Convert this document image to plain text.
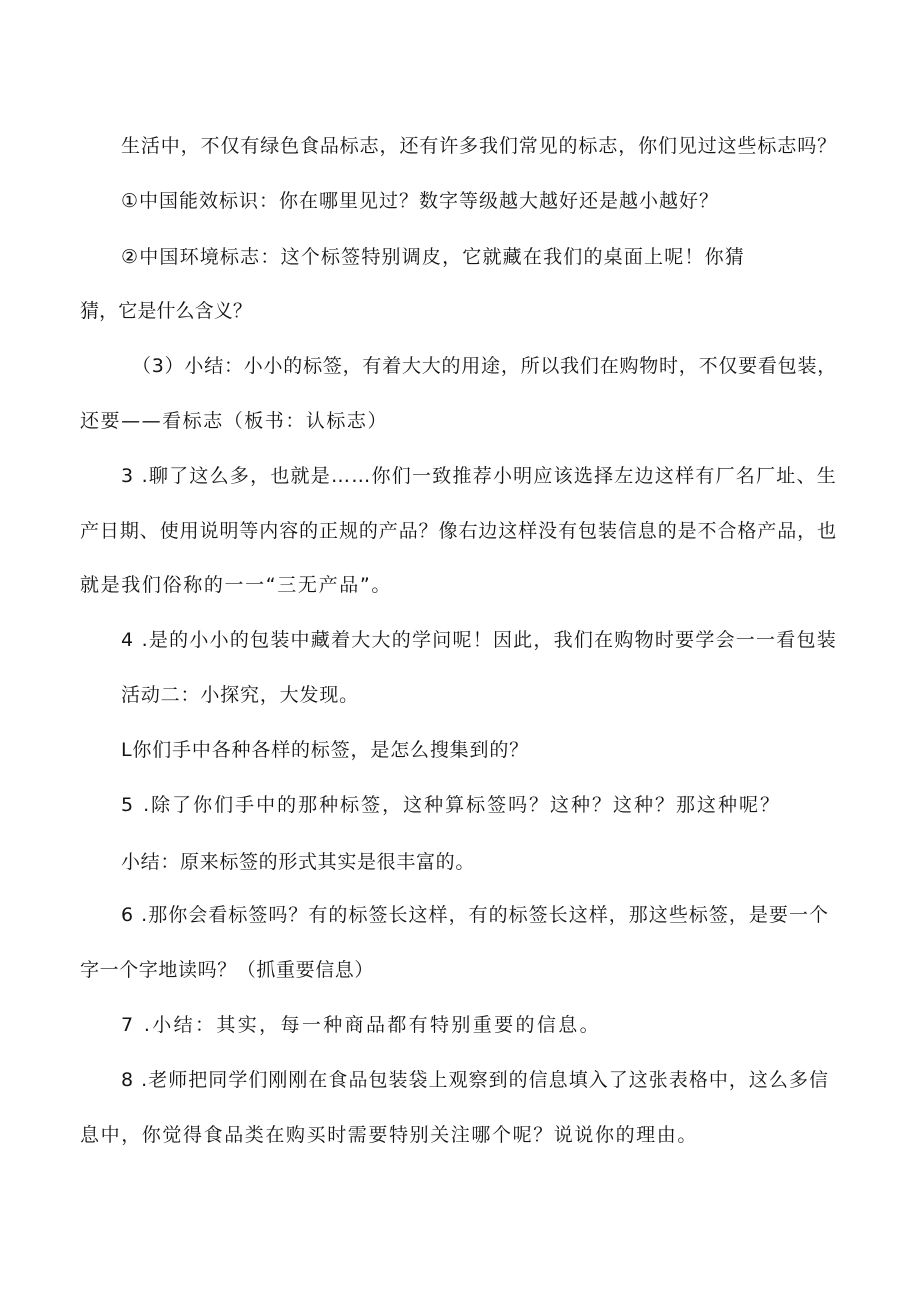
生活中，不仅有绿色食品标志，还有许多我们常见的标志，你们见过这些标志吗？

①中国能效标识：你在哪里见过？数字等级越大越好还是越小越好？

②中国环境标志：这个标签特别调皮，它就藏在我们的桌面上呢！你猜

猜，它是什么含义？

（3）小结：小小的标签，有着大大的用途，所以我们在购物时，不仅要看包装，

还要——看标志（板书：认标志）

3 .聊了这么多，也就是……你们一致推荐小明应该选择左边这样有厂名厂址、生

产日期、使用说明等内容的正规的产品？像右边这样没有包装信息的是不合格产品，也

就是我们俗称的一一“三无产品”。

4 .是的小小的包装中藏着大大的学问呢！因此，我们在购物时要学会一一看包装

活动二：小探究，大发现。

L你们手中各种各样的标签，是怎么搜集到的？

5 .除了你们手中的那种标签，这种算标签吗？这种？这种？那这种呢？

小结：原来标签的形式其实是很丰富的。

6 .那你会看标签吗？有的标签长这样，有的标签长这样，那这些标签，是要一个

字一个字地读吗？（抓重要信息）

7 .小结：其实，每一种商品都有特别重要的信息。

8 .老师把同学们刚刚在食品包装袋上观察到的信息填入了这张表格中，这么多信

息中，你觉得食品类在购买时需要特别关注哪个呢？说说你的理由。
